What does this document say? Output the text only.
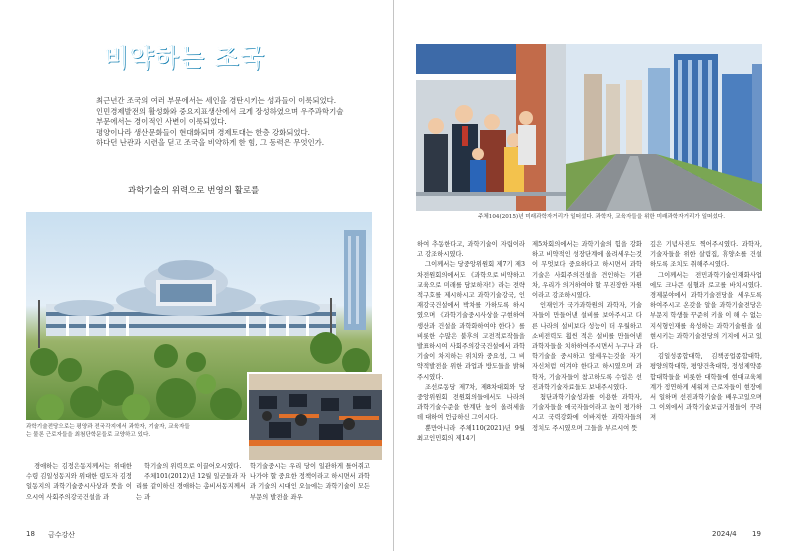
비약하는 조국

최근년간 조국의 여러 부문에서는 세인을 경탄시키는 성과들이 이룩되었다.

인민경제발전의 활성화와 중요지표생산에서 크게 장성하였으며 우주과학기술

부문에서는 경이적인 사변이 이룩되었다.

평양이나라 생산문화들이 현대화되며 경제토대는 한층 강화되었다.

하다던 난관과 시련을 딛고 조국을 비약하게 한 힘, 그 동력은 무엇인가.

과학기술의 위력으로 번영의 활로를
과학기술전당으로는 평양과 전국각지에서 과학자, 기술자, 교육자들
는 물론 근로자들을 최첨단학문들로 교양하고 있다.

경애하는 김정은동지께서는 위대한 수령 김일성동지와 위대한 령도자 김정일동지의 과학기술중시사상과 뜻을 이으시여 사회주의강국건설을 과

학기술의 위력으로 이끌어오시였다.

주체101(2012)년 12월 일군들과 자리를 같이하신 경애하는 총비서동지께서는 과

학기술중시는 우리 당이 일관하게 틀어쥐고나가야 할 중요한 정책이라고 하시면서 과학과 기술의 시대인 오늘에는 과학기술이 모든 부문의 발전을 좌우

18 금수강산
주체104(2015)년 미래과학자거리가 일떠섰다. 과학자, 교육자들을 위한 미래과학자거리가 일떠섰다.

하여 추동한다고, 과학기술이 자립이라고 강조하시였다.

그이께서는 당중앙위원회 제7기 제3차전원회의에서도 《과학으로 비약하고 교육으로 미래를 담보하자!》라는 전략적구호를 제시하시고 과학기술강국, 인재강국건설에서 박차를 가하도록 하시였으며 《과학기술중시사상을 구현하여 생산과 건설을 과학화하여야 한다》를 비롯한 수많은 불후의 고전적로작들을 발표하시여 사회주의강국건설에서 과학기술이 차지하는 위치와 중요성, 그 비약적발전을 위한 과업과 방도들을 밝혀주시였다.

조선로동당 제7차, 제8차대회와 당중앙위원회 전원회의들에서도 나라의 과학기술수준을 한계단 높이 올려세울데 대하여 언급하신 그이시다.

뿐만아니라 주체110(2021)년 9월 최고인민회의 제14기

제5차회의에서는 과학기술의 힘을 강화하고 비약적인 성장단계에 올려세우는것이 무엇보다 중요하다고 하시면서 과학기술은 사회주의건설을 견인하는 기관차, 우리가 의거하여야 할 무진장한 자원이라고 강조하시였다.

인재인가 국가과학원의 과학자, 기술자들이 만들어낸 설비를 보아주시고 다른 나라의 설비보다 성능이 더 우월하고 소비전력도 훨씬 적은 설비를 만들어낸 과학자들을 치하하여주시면서 누구나 과학기술을 중시하고 앞세우는것을 자기 자신처럼 여겨야 한다고 하시였으며 과학자, 기술자들이 참고하도록 수입은 선진과학기술자료들도 보내주시였다.

첨단과학기술성과를 이용한 과학자, 기술자들을 애국자들이라고 높이 평가하시고 국력강화에 이바지한 과학자들의 정치도 주시였으며 그들을 부르시여 뜻

깊은 기념사진도 찍어주시였다. 과학자, 기술자들을 위한 살림집, 휴양소를 건설하도록 조치도 취해주시였다.

그이께서는 전민과학기술인재화사업에도 크나큰 심혈과 로고를 바치시였다. 경제분야에서 과학기술전당을 세우도록 하여주시고 온갖을 알을 과학기술전당은 부문지 학생들 꾸준히 키울 이 해 수 없는 지식형인재를 육성하는 과학기술원을 실현시키는 과학기술전당의 기지에 서고 있다.

김일성종합대학, 김책공업종합대학, 평양의학대학, 평양건축대학, 정성제약종합대학들을 비롯한 대학들에 현대교육체계가 정연하게 세워져 근로자들이 현장에서 일하며 선진과학기술을 배우고있으며 그 이외에서 과학기술보급거점들이 꾸려져

2024/4 19
